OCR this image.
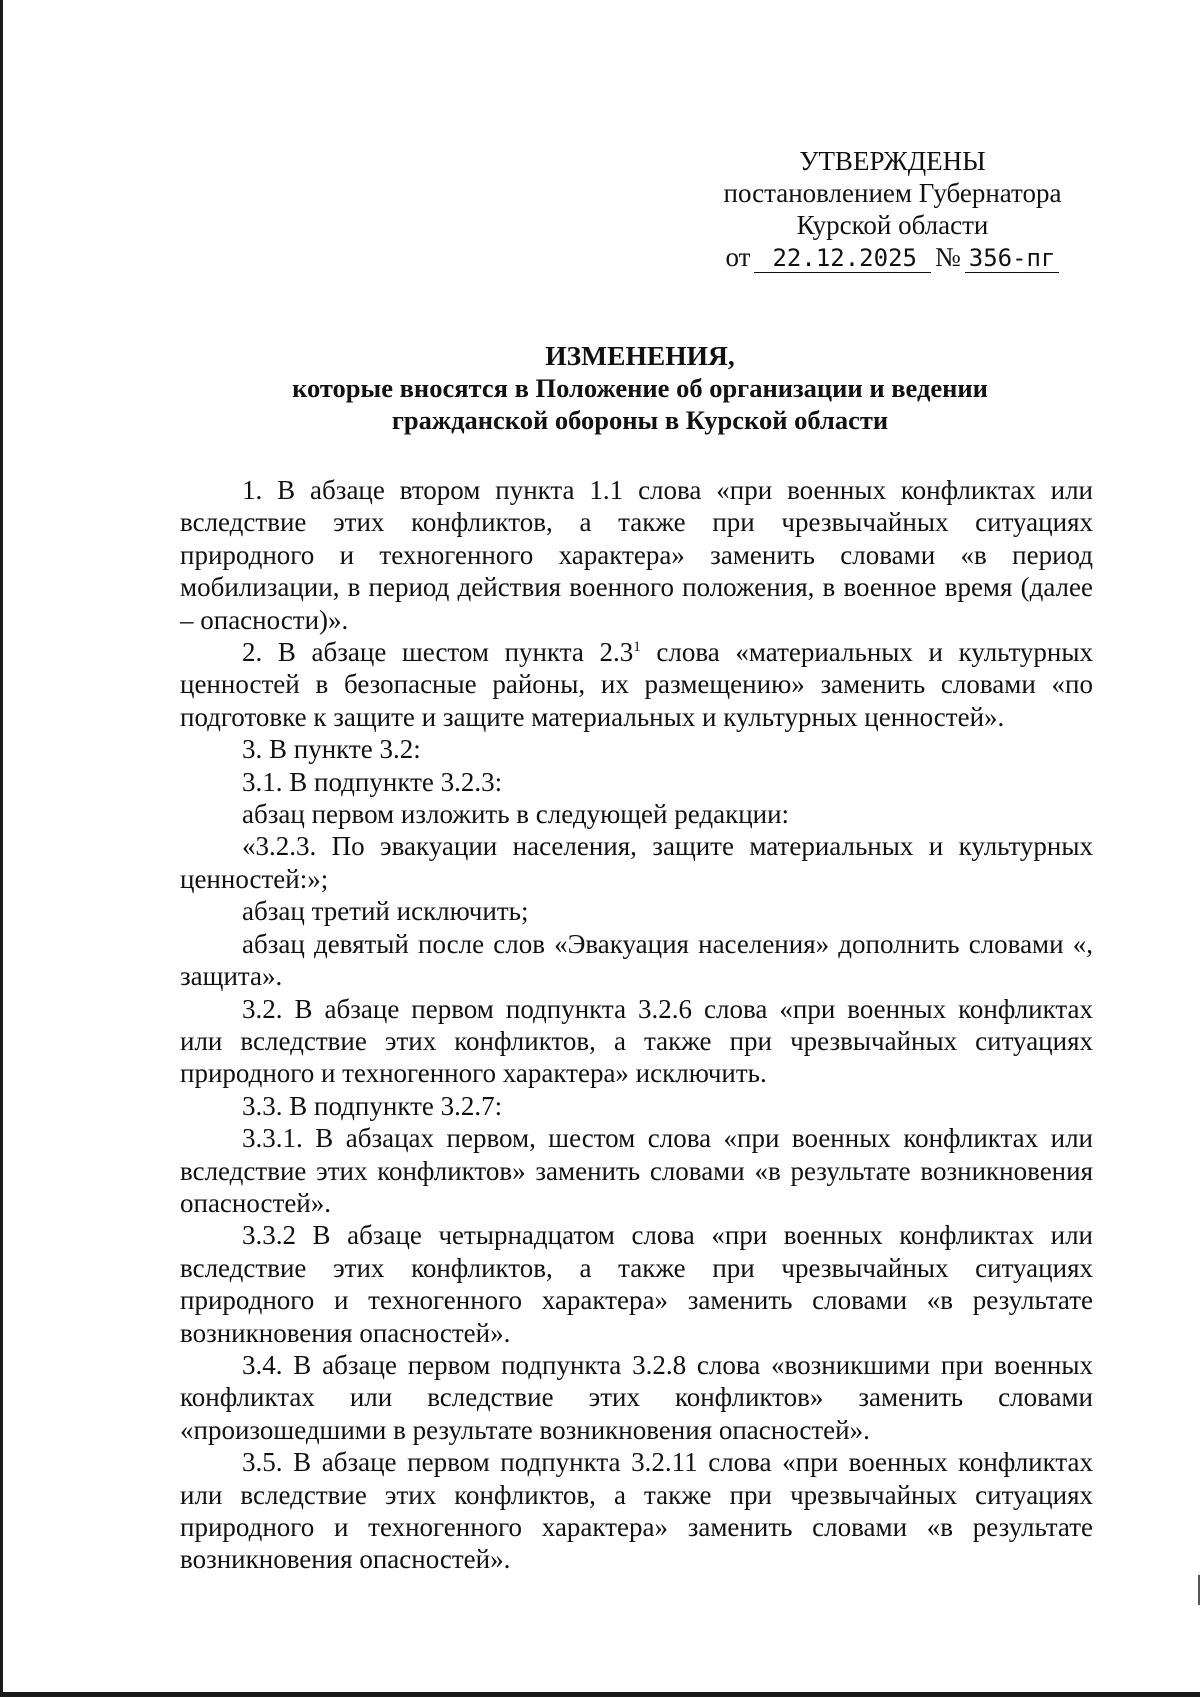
УТВЕРЖДЕНЫ
постановлением Губернатора
Курской области
от 22.12.2025 № 356-пг
ИЗМЕНЕНИЯ,
которые вносятся в Положение об организации и ведении
гражданской обороны в Курской области

1. В абзаце втором пункта 1.1 слова «при военных конфликтах или вследствие этих конфликтов, а также при чрезвычайных ситуациях природного и техногенного характера» заменить словами «в период мобилизации, в период действия военного положения, в военное время (далее – опасности)».

2. В абзаце шестом пункта $2.3^1$ слова «материальных и культурных ценностей в безопасные районы, их размещению» заменить словами «по подготовке к защите и защите материальных и культурных ценностей».

3. В пункте 3.2:

3.1. В подпункте 3.2.3:

абзац первом изложить в следующей редакции:

«3.2.3. По эвакуации населения, защите материальных и культурных ценностей:»;

абзац третий исключить;

абзац девятый после слов «Эвакуация населения» дополнить словами «, защита».

3.2. В абзаце первом подпункта 3.2.6 слова «при военных конфликтах или вследствие этих конфликтов, а также при чрезвычайных ситуациях природного и техногенного характера» исключить.

3.3. В подпункте 3.2.7:

3.3.1. В абзацах первом, шестом слова «при военных конфликтах или вследствие этих конфликтов» заменить словами «в результате возникновения опасностей».

3.3.2 В абзаце четырнадцатом слова «при военных конфликтах или вследствие этих конфликтов, а также при чрезвычайных ситуациях природного и техногенного характера» заменить словами «в результате возникновения опасностей».

3.4. В абзаце первом подпункта 3.2.8 слова «возникшими при военных конфликтах или вследствие этих конфликтов» заменить словами «произошедшими в результате возникновения опасностей».

3.5. В абзаце первом подпункта 3.2.11 слова «при военных конфликтах или вследствие этих конфликтов, а также при чрезвычайных ситуациях природного и техногенного характера» заменить словами «в результате возникновения опасностей».
